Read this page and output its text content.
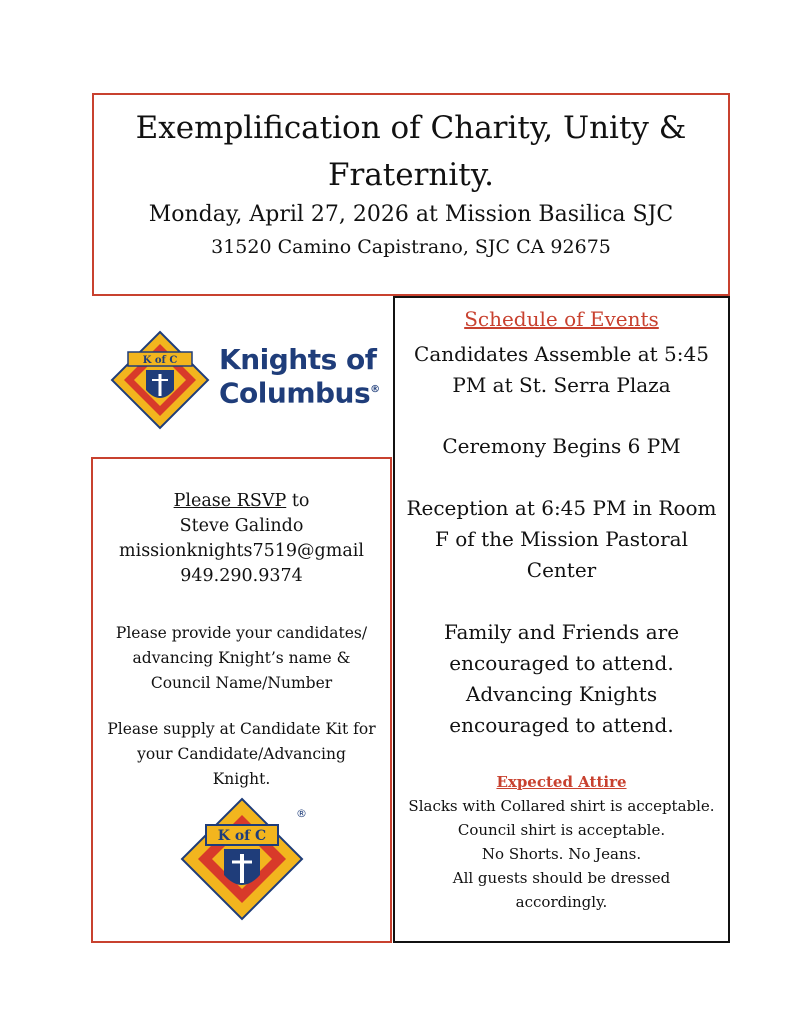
Exemplification of Charity, Unity &
Fraternity.
Monday, April 27, 2026 at Mission Basilica SJC
31520 Camino Capistrano, SJC CA 92675
K of C Knights of
Columbus®
Please RSVP to
Steve Galindo
missionknights7519@gmail
949.290.9374
Please provide your candidates/
advancing Knight’s name &
Council Name/Number
Please supply at Candidate Kit for
your Candidate/Advancing
Knight.
K of C
®
Schedule of Events
Candidates Assemble at 5:45
PM at St. Serra Plaza
Ceremony Begins 6 PM
Reception at 6:45 PM in Room
F of the Mission Pastoral
Center
Family and Friends are
encouraged to attend.
Advancing Knights
encouraged to attend.
Expected Attire
Slacks with Collared shirt is acceptable.
Council shirt is acceptable.
No Shorts. No Jeans.
All guests should be dressed
accordingly.
